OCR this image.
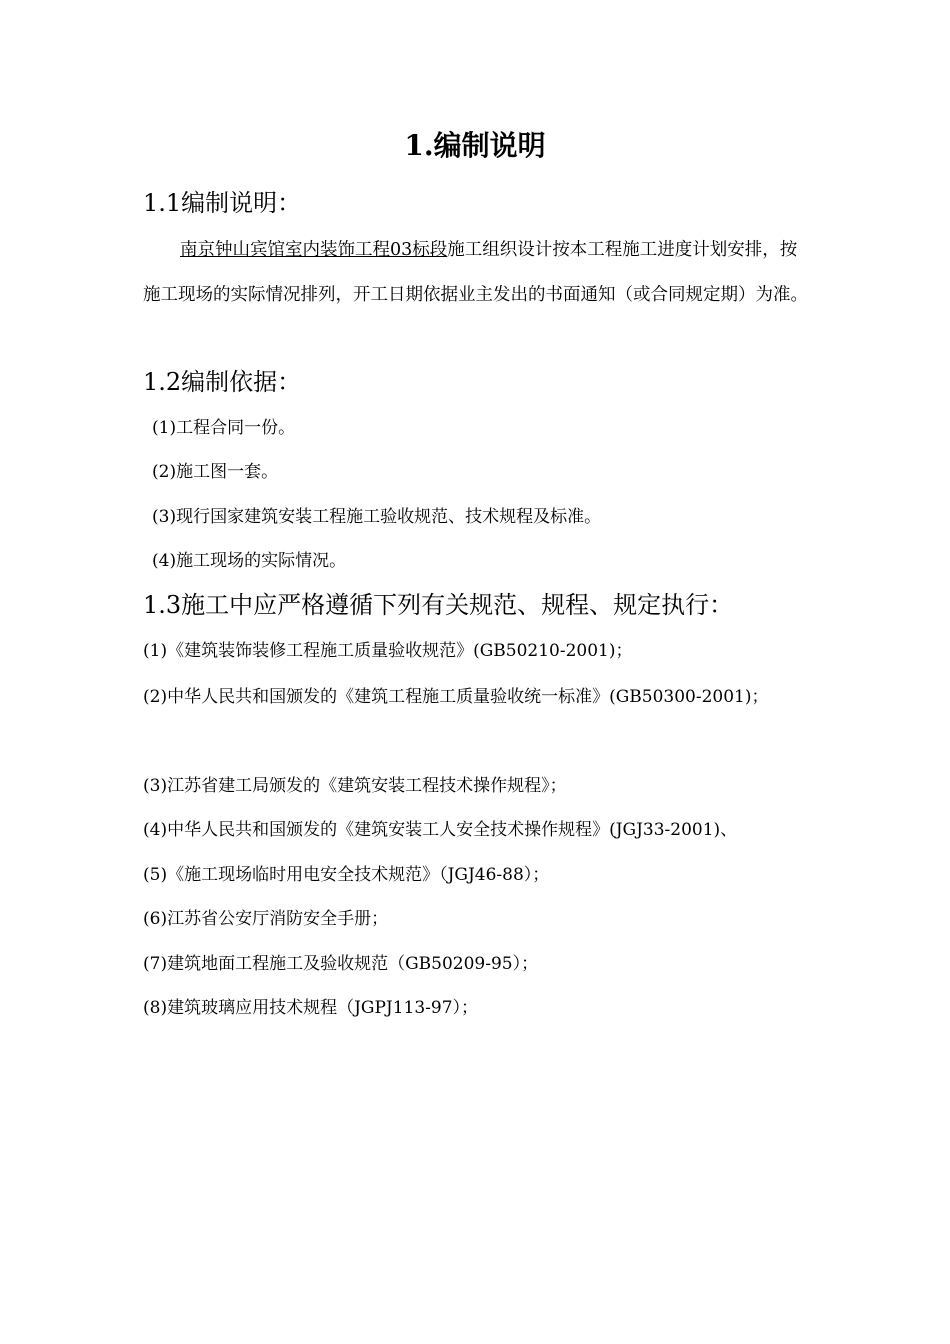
1.编制说明
1.1编制说明：
南京钟山宾馆室内装饰工程03标段施工组织设计按本工程施工进度计划安排，按施工现场的实际情况排列，开工日期依据业主发出的书面通知（或合同规定期）为准。
1.2编制依据：
(1)工程合同一份。
(2)施工图一套。
(3)现行国家建筑安装工程施工验收规范、技术规程及标准。
(4)施工现场的实际情况。
1.3施工中应严格遵循下列有关规范、规程、规定执行：
(1)《建筑装饰装修工程施工质量验收规范》(GB50210-2001)；
(2)中华人民共和国颁发的《建筑工程施工质量验收统一标准》(GB50300-2001)；
(3)江苏省建工局颁发的《建筑安装工程技术操作规程》；
(4)中华人民共和国颁发的《建筑安装工人安全技术操作规程》(JGJ33-2001)、
(5)《施工现场临时用电安全技术规范》（JGJ46-88）；
(6)江苏省公安厅消防安全手册；
(7)建筑地面工程施工及验收规范（GB50209-95）；
(8)建筑玻璃应用技术规程（JGPJ113-97）；
